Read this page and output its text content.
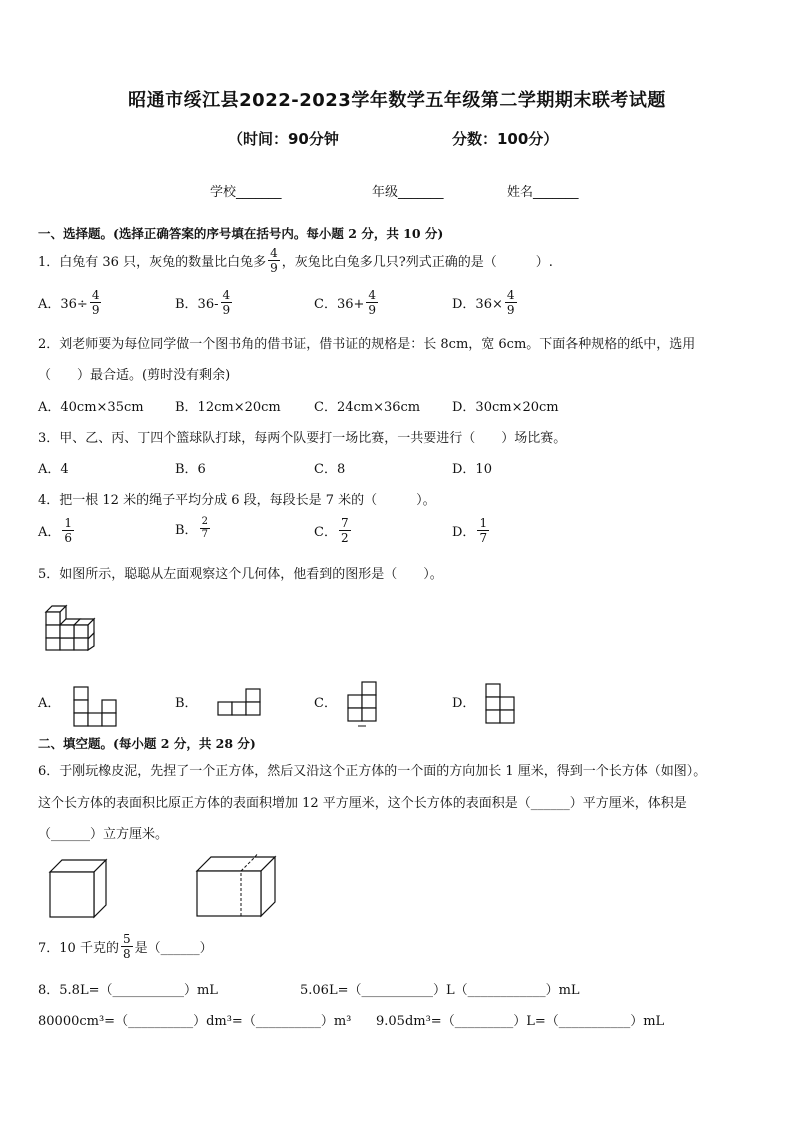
昭通市绥江县2022-2023学年数学五年级第二学期期末联考试题
（时间：90分钟	分数：100分）
学校_______	年级_______	姓名_______
一、选择题。(选择正确答案的序号填在括号内。每小题 2 分，共 10 分)
1．白兔有 36 只，灰兔的数量比白兔多 $\frac{4}{9}$ ，灰兔比白兔多几只?列式正确的是（　　　）.
A．$36\div \frac{4}{9}$	B．$36- \frac{4}{9}$	C．$36+ \frac{4}{9}$	D．$36\times \frac{4}{9}$
2．刘老师要为每位同学做一个图书角的借书证，借书证的规格是：长 8cm，宽 6cm。下面各种规格的纸中，选用
（　　）最合适。(剪时没有剩余)
A．40cm×35cm B．12cm×20cm	C．24cm×36cm D．30cm×20cm
3．甲、乙、丙、丁四个篮球队打球，每两个队要打一场比赛，一共要进行（　　）场比赛。
A．4	B．6	C．8	D．10
4．把一根 12 米的绳子平均分成 6 段，每段长是 7 米的（　　　）。
A． $\frac{1}{6}$	B． $\frac{2}{7}$	C． $\frac{7}{2}$	D． $\frac{1}{7}$
5．如图所示，聪聪从左面观察这个几何体，他看到的图形是（　　）。
A．	B．	C．	D．
二、填空题。(每小题 2 分，共 28 分)
6．于刚玩橡皮泥，先捏了一个正方体，然后又沿这个正方体的一个面的方向加长 1 厘米，得到一个长方体（如图）。
这个长方体的表面积比原正方体的表面积增加 12 平方厘米，这个长方体的表面积是（______）平方厘米，体积是
（______）立方厘米。
7．10 千克的 $\frac{5}{8}$ 是（______）
8．5.8L=（___________）mL	5.06L=（___________）L（____________）mL
80000cm³=（__________）dm³=（__________）m³ 9.05dm³=（_________）L=（___________）mL
